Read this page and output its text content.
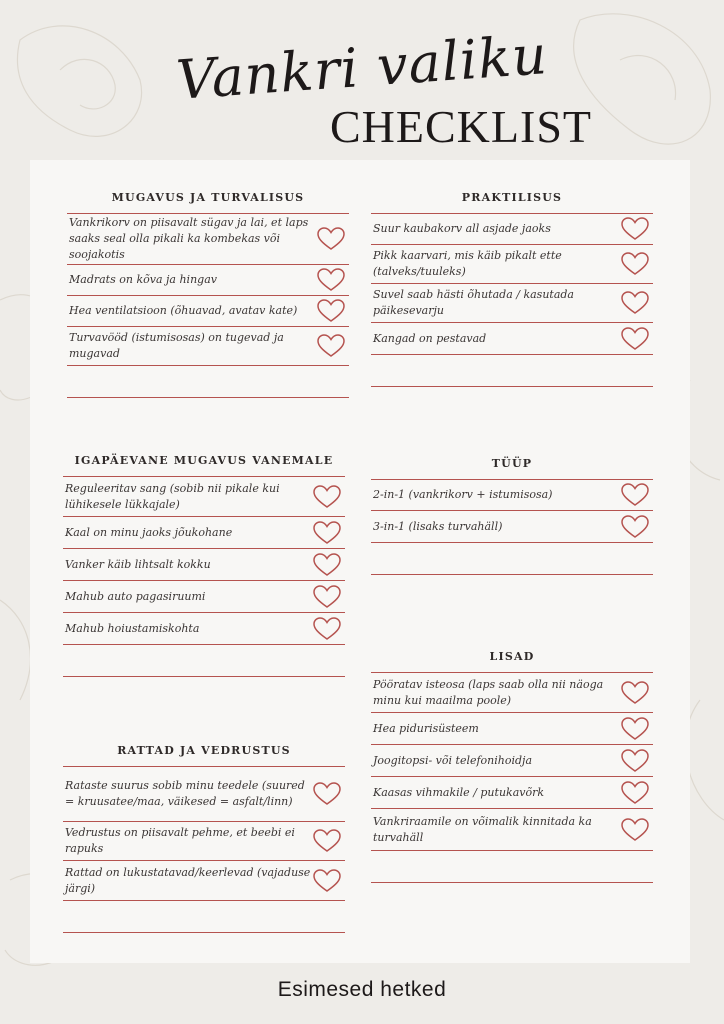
Vankri valiku
CHECKLIST
MUGAVUS JA TURVALISUS
Vankrikorv on piisavalt sügav ja lai, et laps saaks seal olla pikali ka kombekas või soojakotis
Madrats on kõva ja hingav
Hea ventilatsioon (õhuavad, avatav kate)
Turvavööd (istumisosas) on tugevad ja mugavad
PRAKTILISUS
Suur kaubakorv all asjade jaoks
Pikk kaarvari, mis käib pikalt ette (talveks/tuuleks)
Suvel saab hästi õhutada / kasutada päikesevarju
Kangad on pestavad
IGAPÄEVANE MUGAVUS VANEMALE
Reguleeritav sang (sobib nii pikale kui lühikesele lükkajale)
Kaal on minu jaoks jõukohane
Vanker käib lihtsalt kokku
Mahub auto pagasiruumi
Mahub hoiustamiskohta
TÜÜP
2-in-1 (vankrikorv + istumisosa)
3-in-1 (lisaks turvahäll)
LISAD
Pööratav isteosa (laps saab olla nii näoga minu kui maailma poole)
Hea pidurisüsteem
Joogitopsi- või telefonihoidja
Kaasas vihmakile / putukavõrk
Vankriraamile on võimalik kinnitada ka turvahäll
RATTAD JA VEDRUSTUS
Rataste suurus sobib minu teedele (suured = kruusatee/maa, väikesed = asfalt/linn)
Vedrustus on piisavalt pehme, et beebi ei rapuks
Rattad on lukustatavad/keerlevad (vajaduse järgi)
Esimesed hetked
